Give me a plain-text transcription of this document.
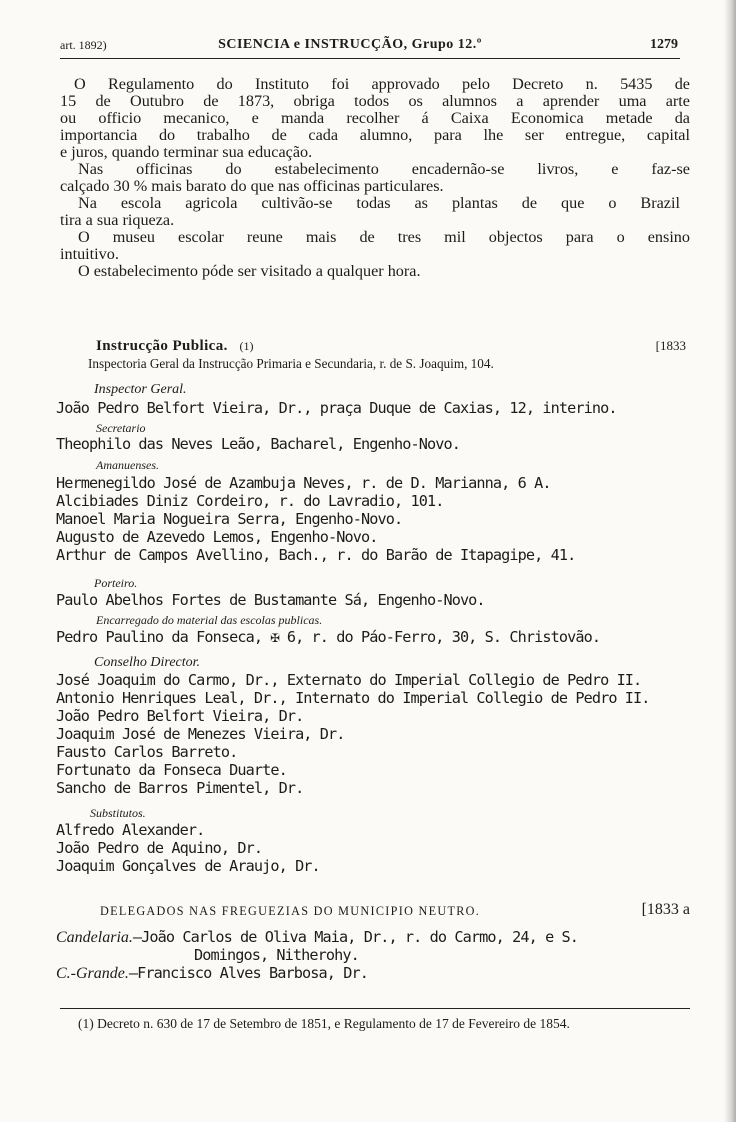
art. 1892)	SCIENCIA e INSTRUCÇÃO, Grupo 12.º	1279
O Regulamento do Instituto foi approvado pelo Decreto n. 5435 de
15 de Outubro de 1873, obriga todos os alumnos a aprender uma arte
ou officio mecanico, e manda recolher á Caixa Economica metade da
importancia do trabalho de cada alumno, para lhe ser entregue, capital
e juros, quando terminar sua educação.
Nas officinas do estabelecimento encadernão-se livros, e faz-se
calçado 30 % mais barato do que nas officinas particulares.
Na escola agricola cultivão-se todas as plantas de que o Brazil
tira a sua riqueza.
O museu escolar reune mais de tres mil objectos para o ensino
intuitivo.
O estabelecimento póde ser visitado a qualquer hora.
Instrucção Publica. (1)	[1833
Inspectoria Geral da Instrucção Primaria e Secundaria, r. de S. Joaquim, 104.
Inspector Geral.
João Pedro Belfort Vieira, Dr., praça Duque de Caxias, 12, interino.
Secretario
Theophilo das Neves Leão, Bacharel, Engenho-Novo.
Amanuenses.
Hermenegildo José de Azambuja Neves, r. de D. Marianna, 6 A.
Alcibiades Diniz Cordeiro, r. do Lavradio, 101.
Manoel Maria Nogueira Serra, Engenho-Novo.
Augusto de Azevedo Lemos, Engenho-Novo.
Arthur de Campos Avellino, Bach., r. do Barão de Itapagipe, 41.
Porteiro.
Paulo Abelhos Fortes de Bustamante Sá, Engenho-Novo.
Encarregado do material das escolas publicas.
Pedro Paulino da Fonseca, ✠ 6, r. do Páo-Ferro, 30, S. Christovão.
Conselho Director.
José Joaquim do Carmo, Dr., Externato do Imperial Collegio de Pedro II.
Antonio Henriques Leal, Dr., Internato do Imperial Collegio de Pedro II.
João Pedro Belfort Vieira, Dr.
Joaquim José de Menezes Vieira, Dr.
Fausto Carlos Barreto.
Fortunato da Fonseca Duarte.
Sancho de Barros Pimentel, Dr.
Substitutos.
Alfredo Alexander.
João Pedro de Aquino, Dr.
Joaquim Gonçalves de Araujo, Dr.
DELEGADOS NAS FREGUEZIAS DO MUNICIPIO NEUTRO.	[1833 a
Candelaria.—João Carlos de Oliva Maia, Dr., r. do Carmo, 24, e S.
Domingos, Nitherohy.
C.-Grande.—Francisco Alves Barbosa, Dr.
(1) Decreto n. 630 de 17 de Setembro de 1851, e Regulamento de 17 de Fevereiro de 1854.
